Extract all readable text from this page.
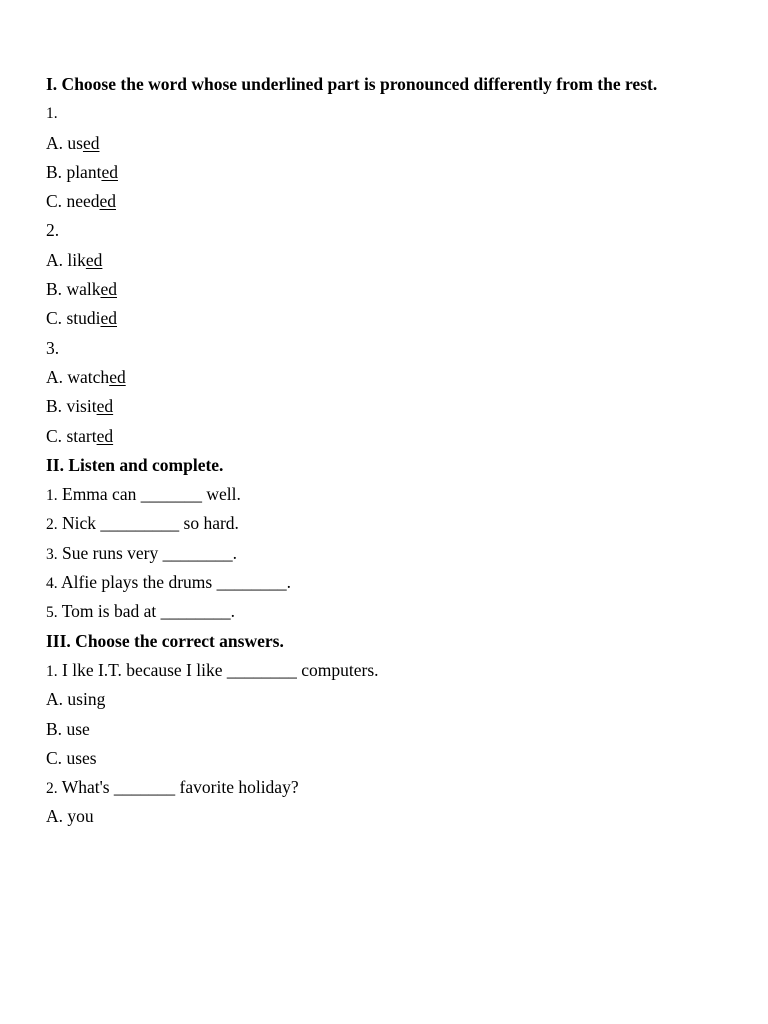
I. Choose the word whose underlined part is pronounced differently from the rest.
1.
A. used
B. planted
C. needed
2.
A. liked
B. walked
C. studied
3.
A. watched
B. visited
C. started
II. Listen and complete.
1. Emma can _______ well.
2. Nick _________ so hard.
3. Sue runs very ________.
4. Alfie plays the drums ________.
5. Tom is bad at ________.
III. Choose the correct answers.
1. I lke I.T. because I like ________ computers.
A. using
B. use
C. uses
2. What's _______ favorite holiday?
A. you
